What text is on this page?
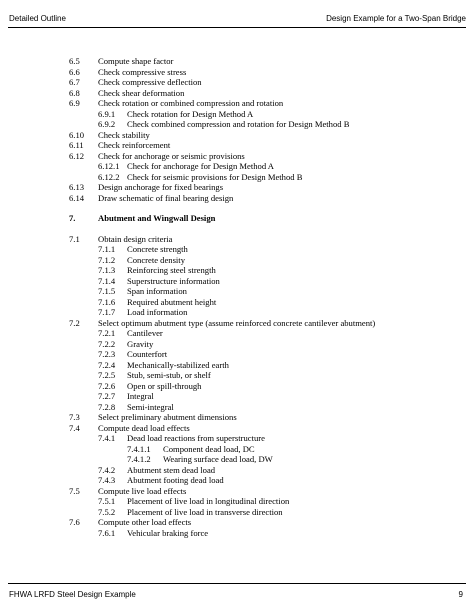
Detailed Outline	Design Example for a Two-Span Bridge
6.5 Compute shape factor
6.6 Check compressive stress
6.7 Check compressive deflection
6.8 Check shear deformation
6.9 Check rotation or combined compression and rotation
6.9.1 Check rotation for Design Method A
6.9.2 Check combined compression and rotation for Design Method B
6.10 Check stability
6.11 Check reinforcement
6.12 Check for anchorage or seismic provisions
6.12.1 Check for anchorage for Design Method A
6.12.2 Check for seismic provisions for Design Method B
6.13 Design anchorage for fixed bearings
6.14 Draw schematic of final bearing design
7.	Abutment and Wingwall Design
7.1 Obtain design criteria
7.1.1 Concrete strength
7.1.2 Concrete density
7.1.3 Reinforcing steel strength
7.1.4 Superstructure information
7.1.5 Span information
7.1.6 Required abutment height
7.1.7 Load information
7.2 Select optimum abutment type (assume reinforced concrete cantilever abutment)
7.2.1 Cantilever
7.2.2 Gravity
7.2.3 Counterfort
7.2.4 Mechanically-stabilized earth
7.2.5 Stub, semi-stub, or shelf
7.2.6 Open or spill-through
7.2.7 Integral
7.2.8 Semi-integral
7.3 Select preliminary abutment dimensions
7.4 Compute dead load effects
7.4.1 Dead load reactions from superstructure
7.4.1.1 Component dead load, DC
7.4.1.2 Wearing surface dead load, DW
7.4.2 Abutment stem dead load
7.4.3 Abutment footing dead load
7.5 Compute live load effects
7.5.1 Placement of live load in longitudinal direction
7.5.2 Placement of live load in transverse direction
7.6 Compute other load effects
7.6.1 Vehicular braking force
FHWA LRFD Steel Design Example	9
